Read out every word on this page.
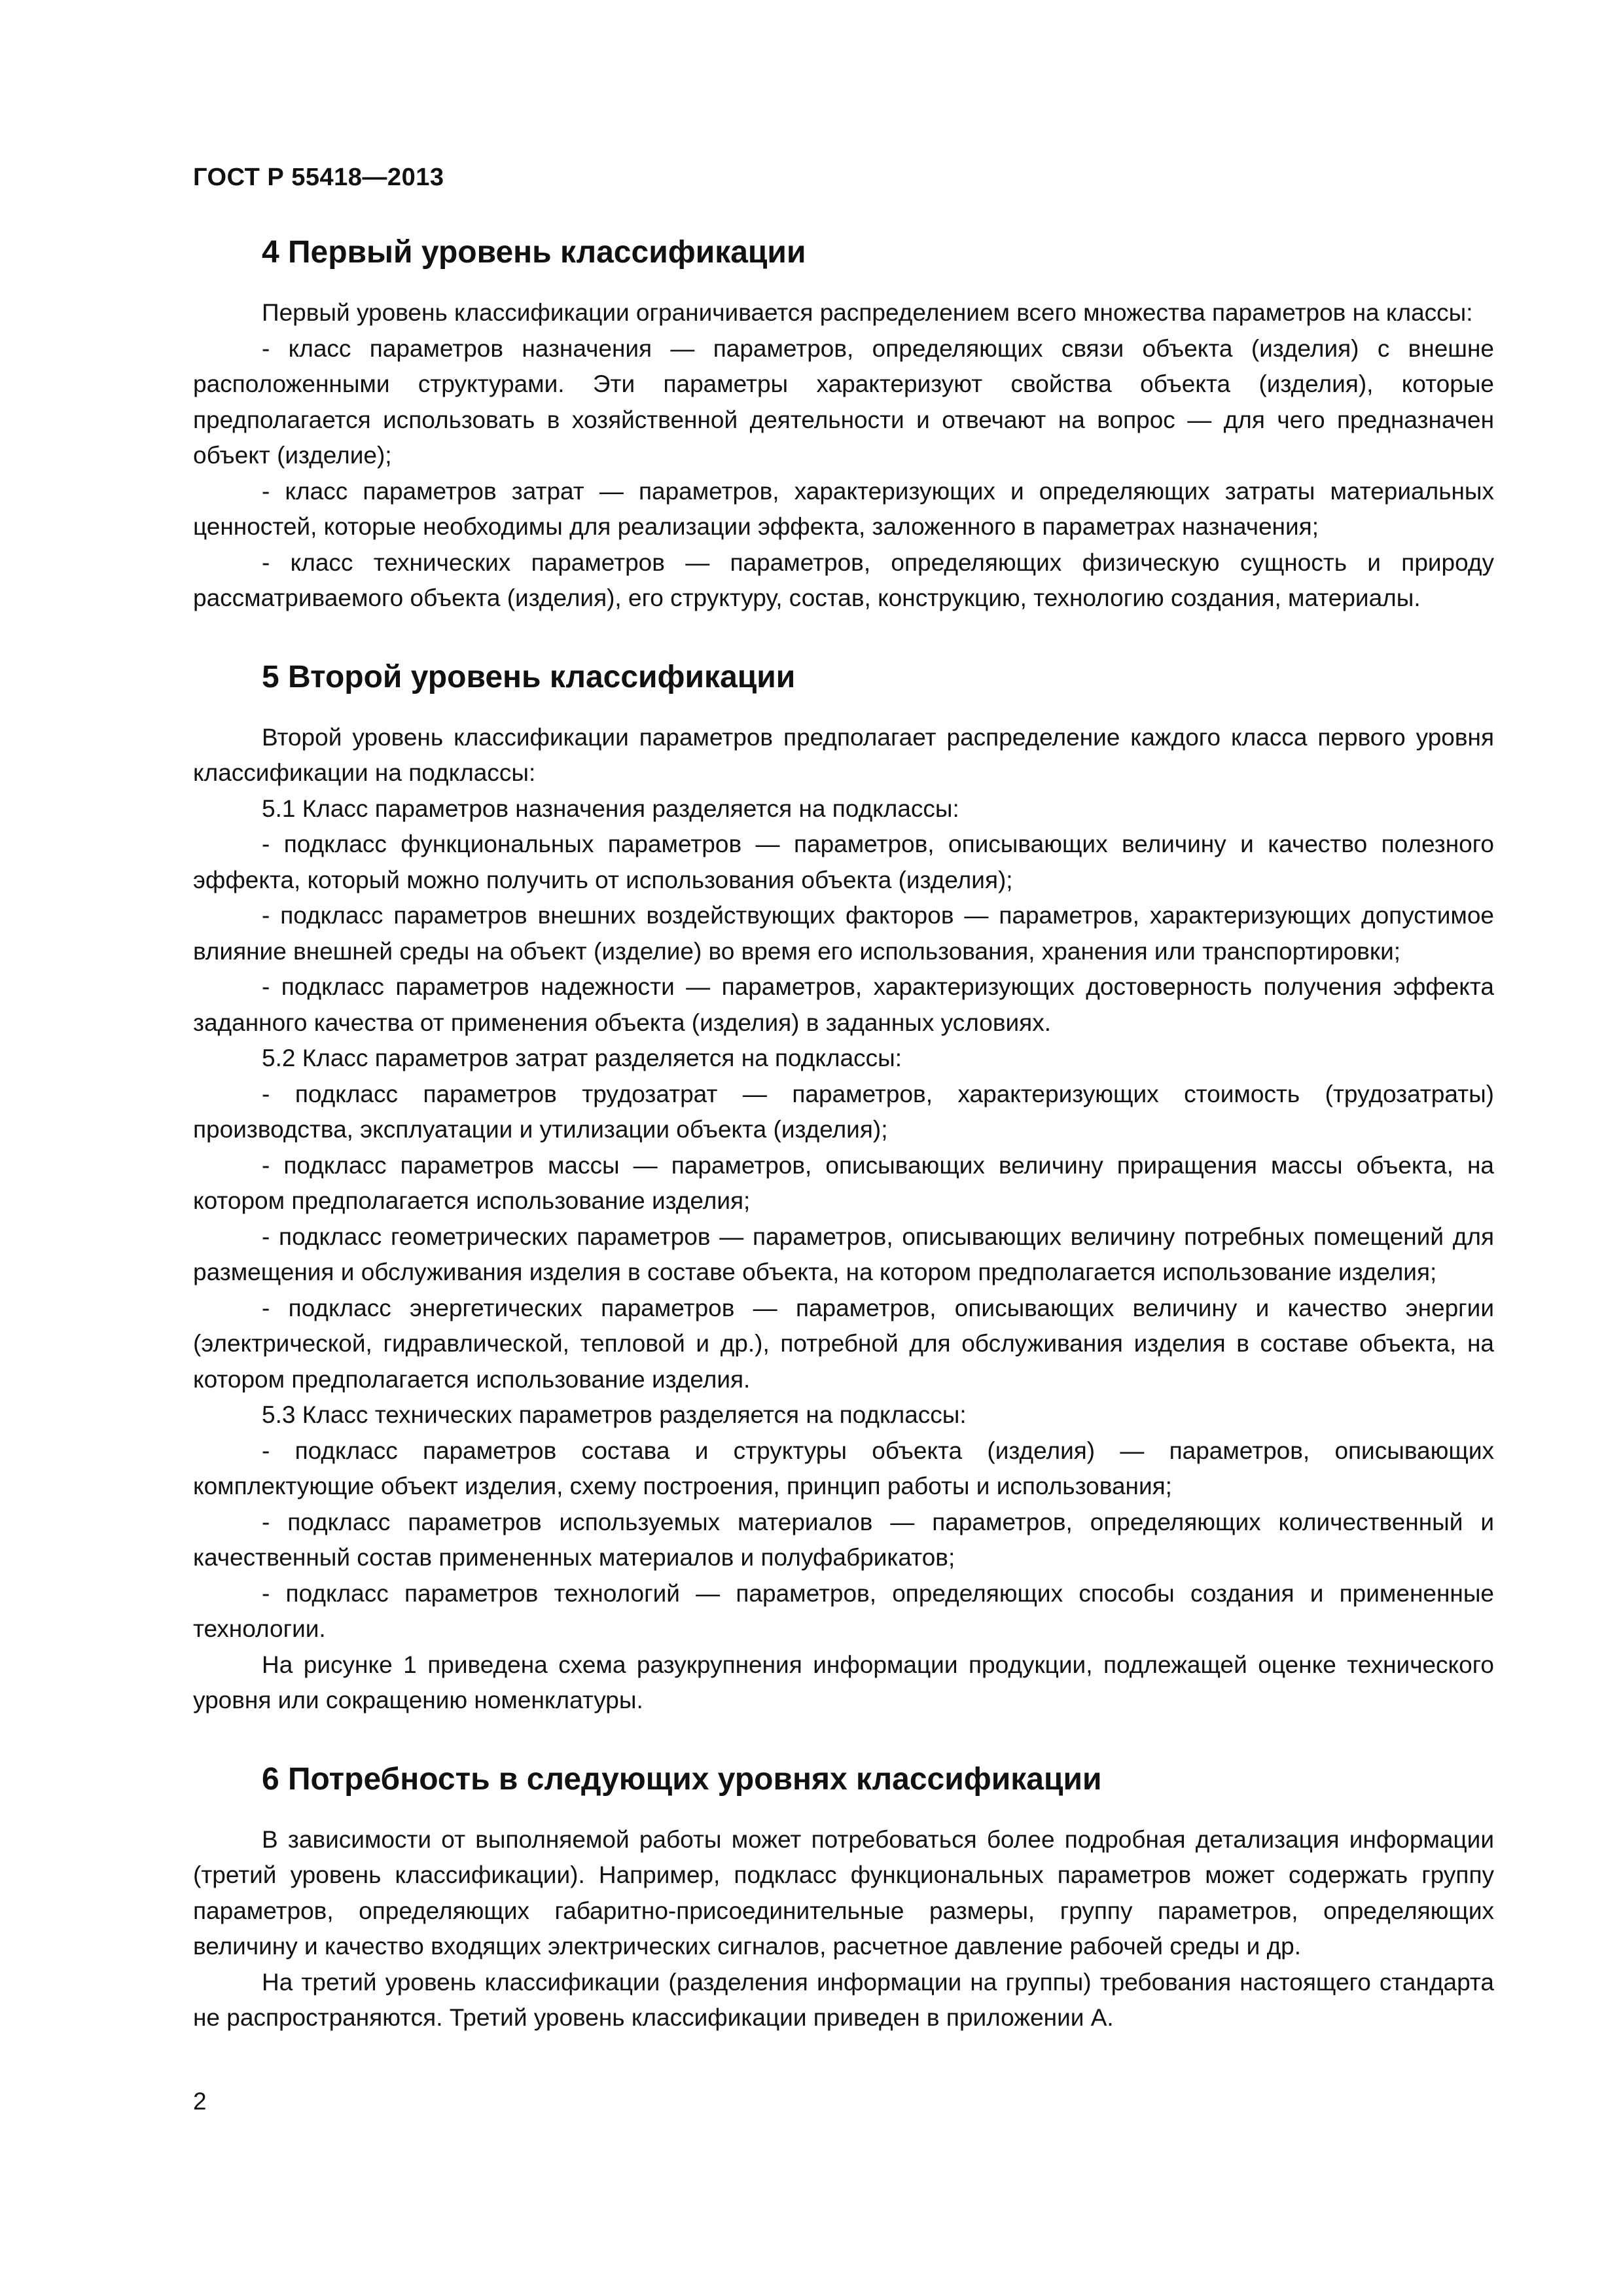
ГОСТ Р 55418—2013
4 Первый уровень классификации

Первый уровень классификации ограничивается распределением всего множества параметров на классы:

- класс параметров назначения — параметров, определяющих связи объекта (изделия) с внешне расположенными структурами. Эти параметры характеризуют свойства объекта (изделия), которые предполагается использовать в хозяйственной деятельности и отвечают на вопрос — для чего предназначен объект (изделие);

- класс параметров затрат — параметров, характеризующих и определяющих затраты материальных ценностей, которые необходимы для реализации эффекта, заложенного в параметрах назначения;

- класс технических параметров — параметров, определяющих физическую сущность и природу рассматриваемого объекта (изделия), его структуру, состав, конструкцию, технологию создания, материалы.

5 Второй уровень классификации

Второй уровень классификации параметров предполагает распределение каждого класса первого уровня классификации на подклассы:

5.1 Класс параметров назначения разделяется на подклассы:

- подкласс функциональных параметров — параметров, описывающих величину и качество полезного эффекта, который можно получить от использования объекта (изделия);

- подкласс параметров внешних воздействующих факторов — параметров, характеризующих допустимое влияние внешней среды на объект (изделие) во время его использования, хранения или транспортировки;

- подкласс параметров надежности — параметров, характеризующих достоверность получения эффекта заданного качества от применения объекта (изделия) в заданных условиях.

5.2 Класс параметров затрат разделяется на подклассы:

- подкласс параметров трудозатрат — параметров, характеризующих стоимость (трудозатраты) производства, эксплуатации и утилизации объекта (изделия);

- подкласс параметров массы — параметров, описывающих величину приращения массы объекта, на котором предполагается использование изделия;

- подкласс геометрических параметров — параметров, описывающих величину потребных помещений для размещения и обслуживания изделия в составе объекта, на котором предполагается использование изделия;

- подкласс энергетических параметров — параметров, описывающих величину и качество энергии (электрической, гидравлической, тепловой и др.), потребной для обслуживания изделия в составе объекта, на котором предполагается использование изделия.

5.3 Класс технических параметров разделяется на подклассы:

- подкласс параметров состава и структуры объекта (изделия) — параметров, описывающих комплектующие объект изделия, схему построения, принцип работы и использования;

- подкласс параметров используемых материалов — параметров, определяющих количественный и качественный состав примененных материалов и полуфабрикатов;

- подкласс параметров технологий — параметров, определяющих способы создания и примененные технологии.

На рисунке 1 приведена схема разукрупнения информации продукции, подлежащей оценке технического уровня или сокращению номенклатуры.

6 Потребность в следующих уровнях классификации

В зависимости от выполняемой работы может потребоваться более подробная детализация информации (третий уровень классификации). Например, подкласс функциональных параметров может содержать группу параметров, определяющих габаритно-присоединительные размеры, группу параметров, определяющих величину и качество входящих электрических сигналов, расчетное давление рабочей среды и др.

На третий уровень классификации (разделения информации на группы) требования настоящего стандарта не распространяются. Третий уровень классификации приведен в приложении А.

2
